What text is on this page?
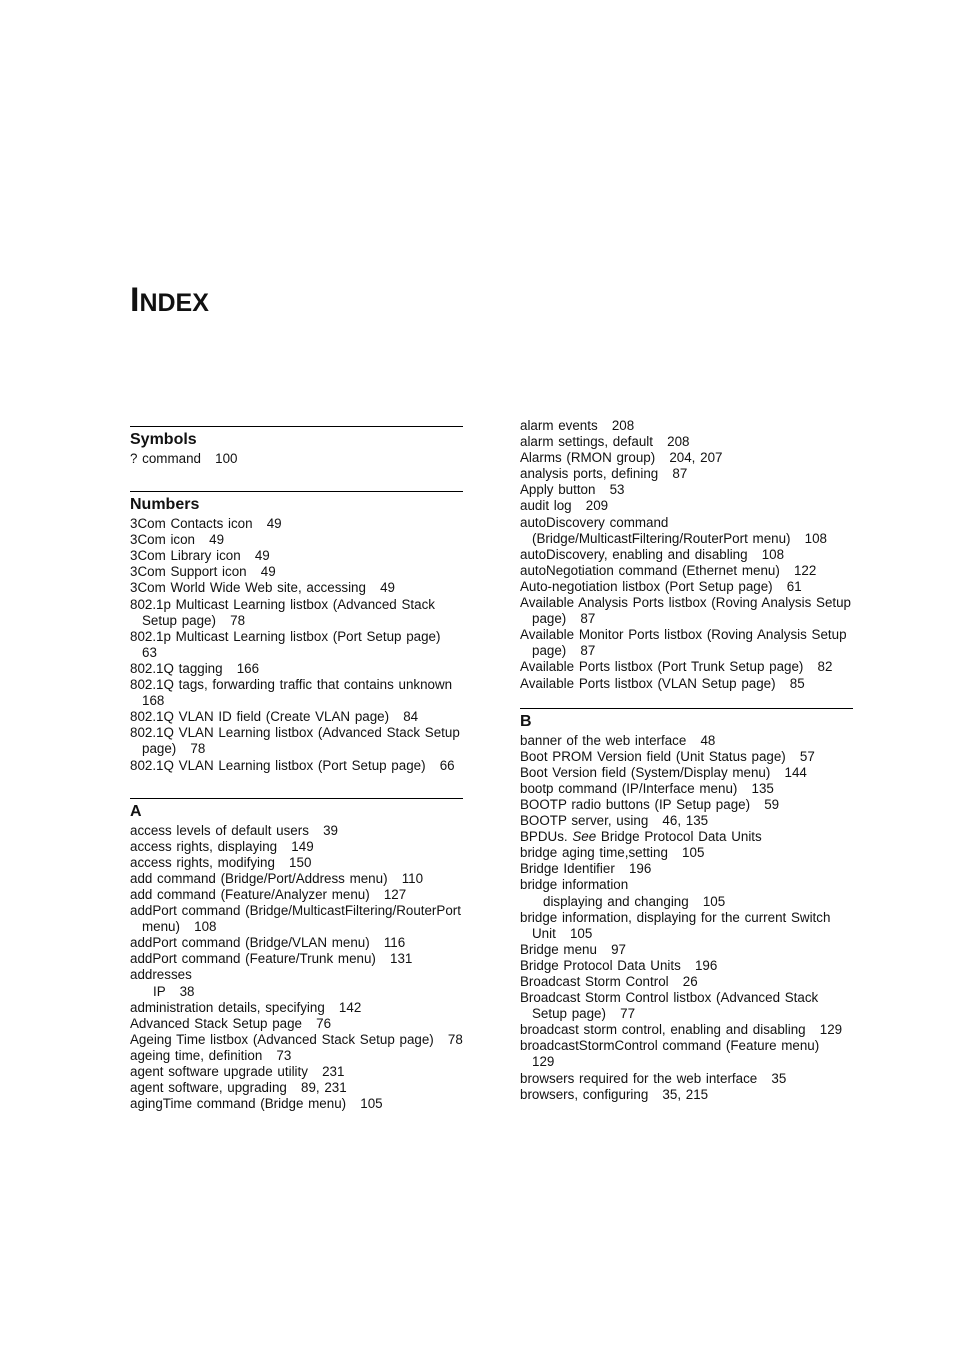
INDEX
Symbols
? command   100
Numbers
3Com Contacts icon   49
3Com icon   49
3Com Library icon   49
3Com Support icon   49
3Com World Wide Web site, accessing   49
802.1p Multicast Learning listbox (Advanced Stack Setup page)   78
802.1p Multicast Learning listbox (Port Setup page)   63
802.1Q tagging   166
802.1Q tags, forwarding traffic that contains unknown   168
802.1Q VLAN ID field (Create VLAN page)   84
802.1Q VLAN Learning listbox (Advanced Stack Setup page)   78
802.1Q VLAN Learning listbox (Port Setup page)   66
A
access levels of default users   39
access rights, displaying   149
access rights, modifying   150
add command (Bridge/Port/Address menu)   110
add command (Feature/Analyzer menu)   127
addPort command (Bridge/MulticastFiltering/RouterPort menu)   108
addPort command (Bridge/VLAN menu)   116
addPort command (Feature/Trunk menu)   131
addresses
IP   38
administration details, specifying   142
Advanced Stack Setup page   76
Ageing Time listbox (Advanced Stack Setup page)   78
ageing time, definition   73
agent software upgrade utility   231
agent software, upgrading   89, 231
agingTime command (Bridge menu)   105
alarm events   208
alarm settings, default   208
Alarms (RMON group)   204, 207
analysis ports, defining   87
Apply button   53
audit log   209
autoDiscovery command (Bridge/MulticastFiltering/RouterPort menu)   108
autoDiscovery, enabling and disabling   108
autoNegotiation command (Ethernet menu)   122
Auto-negotiation listbox (Port Setup page)   61
Available Analysis Ports listbox (Roving Analysis Setup page)   87
Available Monitor Ports listbox (Roving Analysis Setup page)   87
Available Ports listbox (Port Trunk Setup page)   82
Available Ports listbox (VLAN Setup page)   85
B
banner of the web interface   48
Boot PROM Version field (Unit Status page)   57
Boot Version field (System/Display menu)   144
bootp command (IP/Interface menu)   135
BOOTP radio buttons (IP Setup page)   59
BOOTP server, using   46, 135
BPDUs. See Bridge Protocol Data Units
bridge aging time,setting   105
Bridge Identifier   196
bridge information
displaying and changing   105
bridge information, displaying for the current Switch Unit   105
Bridge menu   97
Bridge Protocol Data Units   196
Broadcast Storm Control   26
Broadcast Storm Control listbox (Advanced Stack Setup page)   77
broadcast storm control, enabling and disabling   129
broadcastStormControl command (Feature menu)   129
browsers required for the web interface   35
browsers, configuring   35, 215
